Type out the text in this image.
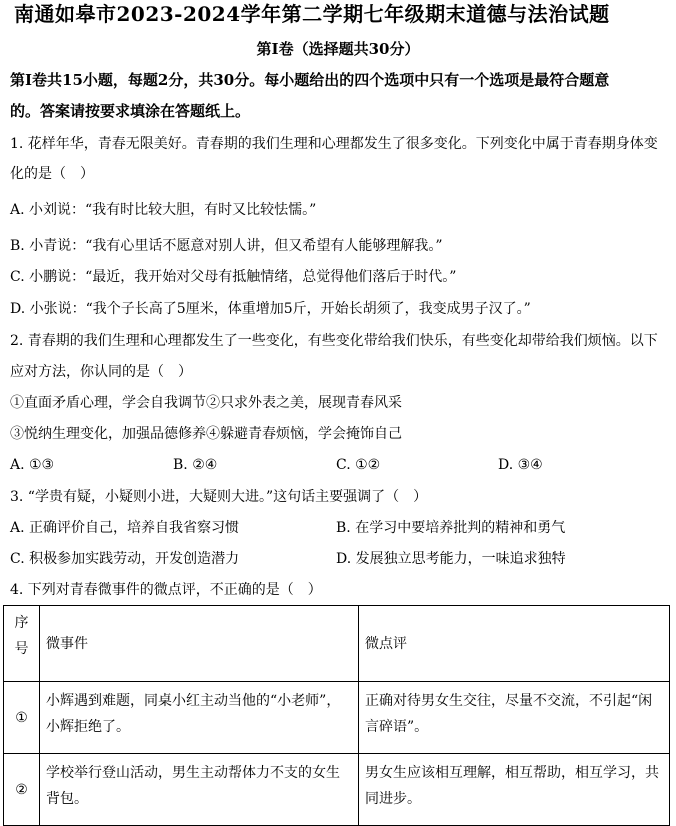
南通如皋市2023-2024学年第二学期七年级期末道德与法治试题
第Ⅰ卷（选择题共30分）
第Ⅰ卷共15小题，每题2分，共30分。每小题给出的四个选项中只有一个选项是最符合题意
的。答案请按要求填涂在答题纸上。
1. 花样年华，青春无限美好。青春期的我们生理和心理都发生了很多变化。下列变化中属于青春期身体变
化的是（　）
A. 小刘说：“我有时比较大胆，有时又比较怯懦。”
B. 小青说：“我有心里话不愿意对别人讲，但又希望有人能够理解我。”
C. 小鹏说：“最近，我开始对父母有抵触情绪，总觉得他们落后于时代。”
D. 小张说：“我个子长高了5厘米，体重增加5斤，开始长胡须了，我变成男子汉了。”
2. 青春期的我们生理和心理都发生了一些变化，有些变化带给我们快乐，有些变化却带给我们烦恼。以下
应对方法，你认同的是（　）
①直面矛盾心理，学会自我调节②只求外表之美，展现青春风采
③悦纳生理变化，加强品德修养④躲避青春烦恼，学会掩饰自己
A. ①③	B. ②④	C. ①②	D. ③④
3. “学贵有疑，小疑则小进，大疑则大进。”这句话主要强调了（　）
A. 正确评价自己，培养自我省察习惯	B. 在学习中要培养批判的精神和勇气
C. 积极参加实践劳动，开发创造潜力	D. 发展独立思考能力，一味追求独特
4. 下列对青春微事件的微点评，不正确的是（　）
序号	微事件	微点评
①	小辉遇到难题，同桌小红主动当他的“小老师”，小辉拒绝了。	正确对待男女生交往，尽量不交流，不引起“闲言碎语”。
②	学校举行登山活动，男生主动帮体力不支的女生背包。	男女生应该相互理解，相互帮助，相互学习，共同进步。
